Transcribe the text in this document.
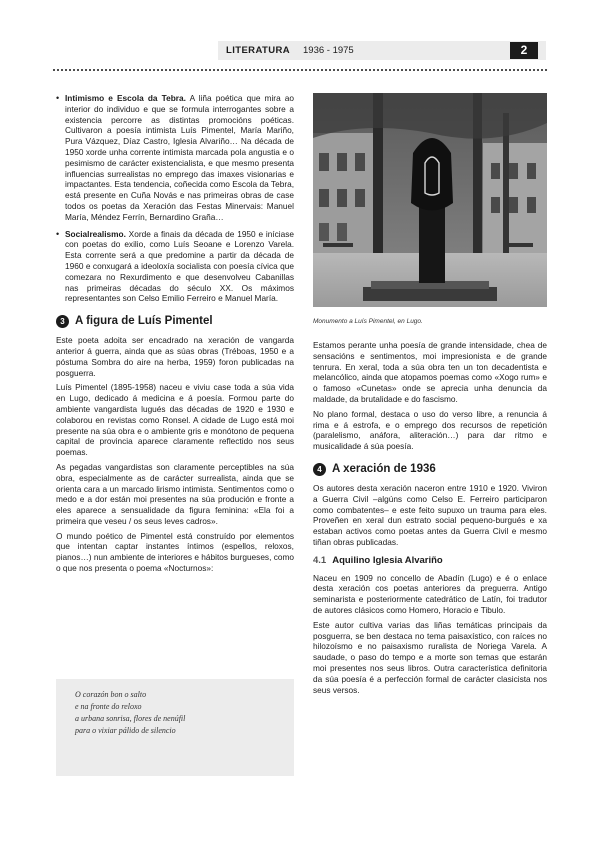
LITERATURA 1936 - 1975	2
• Intimismo e Escola da Tebra. A liña poética que mira ao interior do individuo e que se formula interrogantes sobre a existencia percorre as distintas promocións poéticas. Cultivaron a poesía intimista Luís Pimentel, María Mariño, Pura Vázquez, Díaz Castro, Iglesia Alvariño… Na década de 1950 xorde unha corrente intimista marcada pola angustia e o pesimismo de carácter existencialista, e que mesmo presenta influencias surrealistas no emprego das imaxes visionarias e impactantes. Esta tendencia, coñecida como Escola da Tebra, está presente en Cuña Novás e nas primeiras obras de case todos os poetas da Xeración das Festas Minervais: Manuel María, Méndez Ferrín, Bernardino Graña…
• Socialrealismo. Xorde a finais da década de 1950 e iníciase con poetas do exilio, como Luís Seoane e Lorenzo Varela. Esta corrente será a que predomine a partir da década de 1960 e conxugará a ideoloxía socialista con poesía cívica que comezara no Rexurdimento e que desenvolveu Cabanillas nas primeiras décadas do século XX. Os máximos representantes son Celso Emilio Ferreiro e Manuel María.
3 A figura de Luís Pimentel

Este poeta adoita ser encadrado na xeración de vangarda anterior á guerra, ainda que as súas obras (Tréboas, 1950 e a póstuma Sombra do aire na herba, 1959) foron publicadas na posguerra.

Luís Pimentel (1895-1958) naceu e viviu case toda a súa vida en Lugo, dedicado á medicina e á poesía. Formou parte do ambiente vangardista lugués das décadas de 1920 e 1930 e colaborou en revistas como Ronsel. A cidade de Lugo está moi presente na súa obra e o ambiente gris e monótono de pequena capital de provincia aparece claramente reflectido nos seus poemas.

As pegadas vangardistas son claramente perceptibles na súa obra, especialmente as de carácter surrealista, ainda que se orienta cara a un marcado lirismo intimista. Sentimentos como o medo e a dor están moi presentes na súa produción e fronte a eles aparece a sensualidade da figura feminina: «Ela foi a primeira que veseu / os seus leves cadros».

O mundo poético de Pimentel está construído por elementos que intentan captar instantes íntimos (espellos, reloxos, pianos…) nun ambiente de interiores e hábitos burgueses, como o que nos presenta o poema «Nocturnos»:

O corazón bon o salto
e na fronte do reloxo
a urbana sonrisa, flores de nenúfil
para o vixiar pálido de silencio
Monumento a Luís Pimentel, en Lugo.

Estamos perante unha poesía de grande intensidade, chea de sensacións e sentimentos, moi impresionista e de grande tenrura. En xeral, toda a súa obra ten un ton decadentista e melancólico, ainda que atopamos poemas como «Xogo rum» e o famoso «Cunetas» onde se aprecia unha denuncia da maldade, da brutalidade e do fascismo.

No plano formal, destaca o uso do verso libre, a renuncia á rima e á estrofa, e o emprego dos recursos de repetición (paralelismo, anáfora, aliteración…) para dar ritmo e musicalidade á súa poesía.

4 A xeración de 1936

Os autores desta xeración naceron entre 1910 e 1920. Viviron a Guerra Civil –algúns como Celso E. Ferreiro participaron como combatentes– e este feito supuxo un trauma para eles. Proveñen en xeral dun estrato social pequeno-burgués e xa estaban activos como poetas antes da Guerra Civil e mesmo tiñan obras publicadas.

4.1 Aquilino Iglesia Alvariño

Naceu en 1909 no concello de Abadín (Lugo) e é o enlace desta xeración cos poetas anteriores da preguerra. Antigo seminarista e posteriormente catedrático de Latín, foi tradutor de autores clásicos como Homero, Horacio e Tibulo.

Este autor cultiva varias das liñas temáticas principais da posguerra, se ben destaca no tema paisaxístico, con raíces no hilozoísmo e no paisaxismo ruralista de Noriega Varela. A saudade, o paso do tempo e a morte son temas que estarán moi presentes nos seus libros. Outra característica definitoria da súa poesía é a perfección formal de carácter clasicista nos seus versos.
